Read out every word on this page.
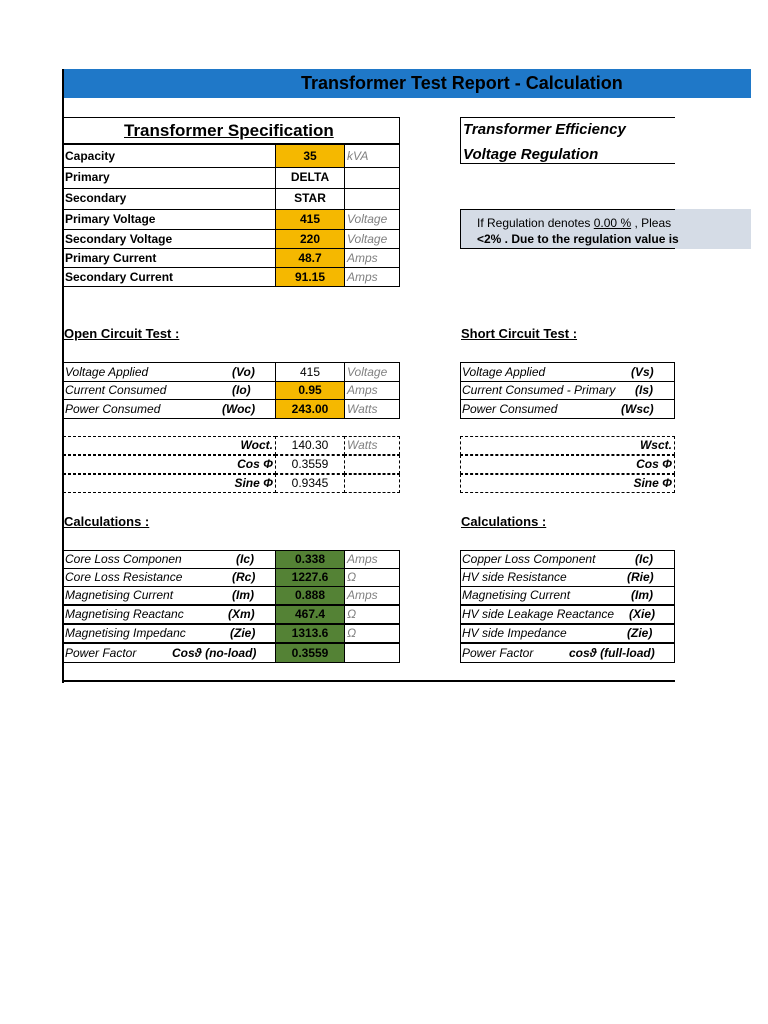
Transformer Test Report - Calculation
Transformer Specification
Capacity	35	kVA
Primary	DELTA
Secondary	STAR
Primary Voltage	415	Voltage
Secondary Voltage	220	Voltage
Primary Current	48.7	Amps
Secondary Current	91.15	Amps
Transformer Efficiency
Voltage Regulation
If Regulation denotes 0.00 % , Pleas
<2% . Due to the regulation value is
Open Circuit Test :
Voltage Applied	(Vo)	415	Voltage
Current Consumed	(Io)	0.95	Amps
Power Consumed	(Woc)	243.00	Watts
Woct.	140.30	Watts
Cos Φ	0.3559
Sine Φ	0.9345
Short Circuit Test :
Voltage Applied	(Vs)
Current Consumed - Primary (Is)
Power Consumed	(Wsc)
Wsct.
Cos Φ
Sine Φ
Calculations :
Core Loss Componen	(Ic)	0.338	Amps
Core Loss Resistance	(Rc)	1227.6	Ω
Magnetising Current	(Im)	0.888	Amps
Magnetising Reactanc	(Xm)	467.4	Ω
Magnetising Impedanc	(Zie)	1313.6	Ω
Power Factor	Cosϑ (no-load)	0.3559
Calculations :
Copper Loss Component	(Ic)
HV side Resistance	(Rie)
Magnetising Current	(Im)
HV side Leakage Reactance (Xie)
HV side Impedance	(Zie)
Power Factor	cosϑ (full-load)
